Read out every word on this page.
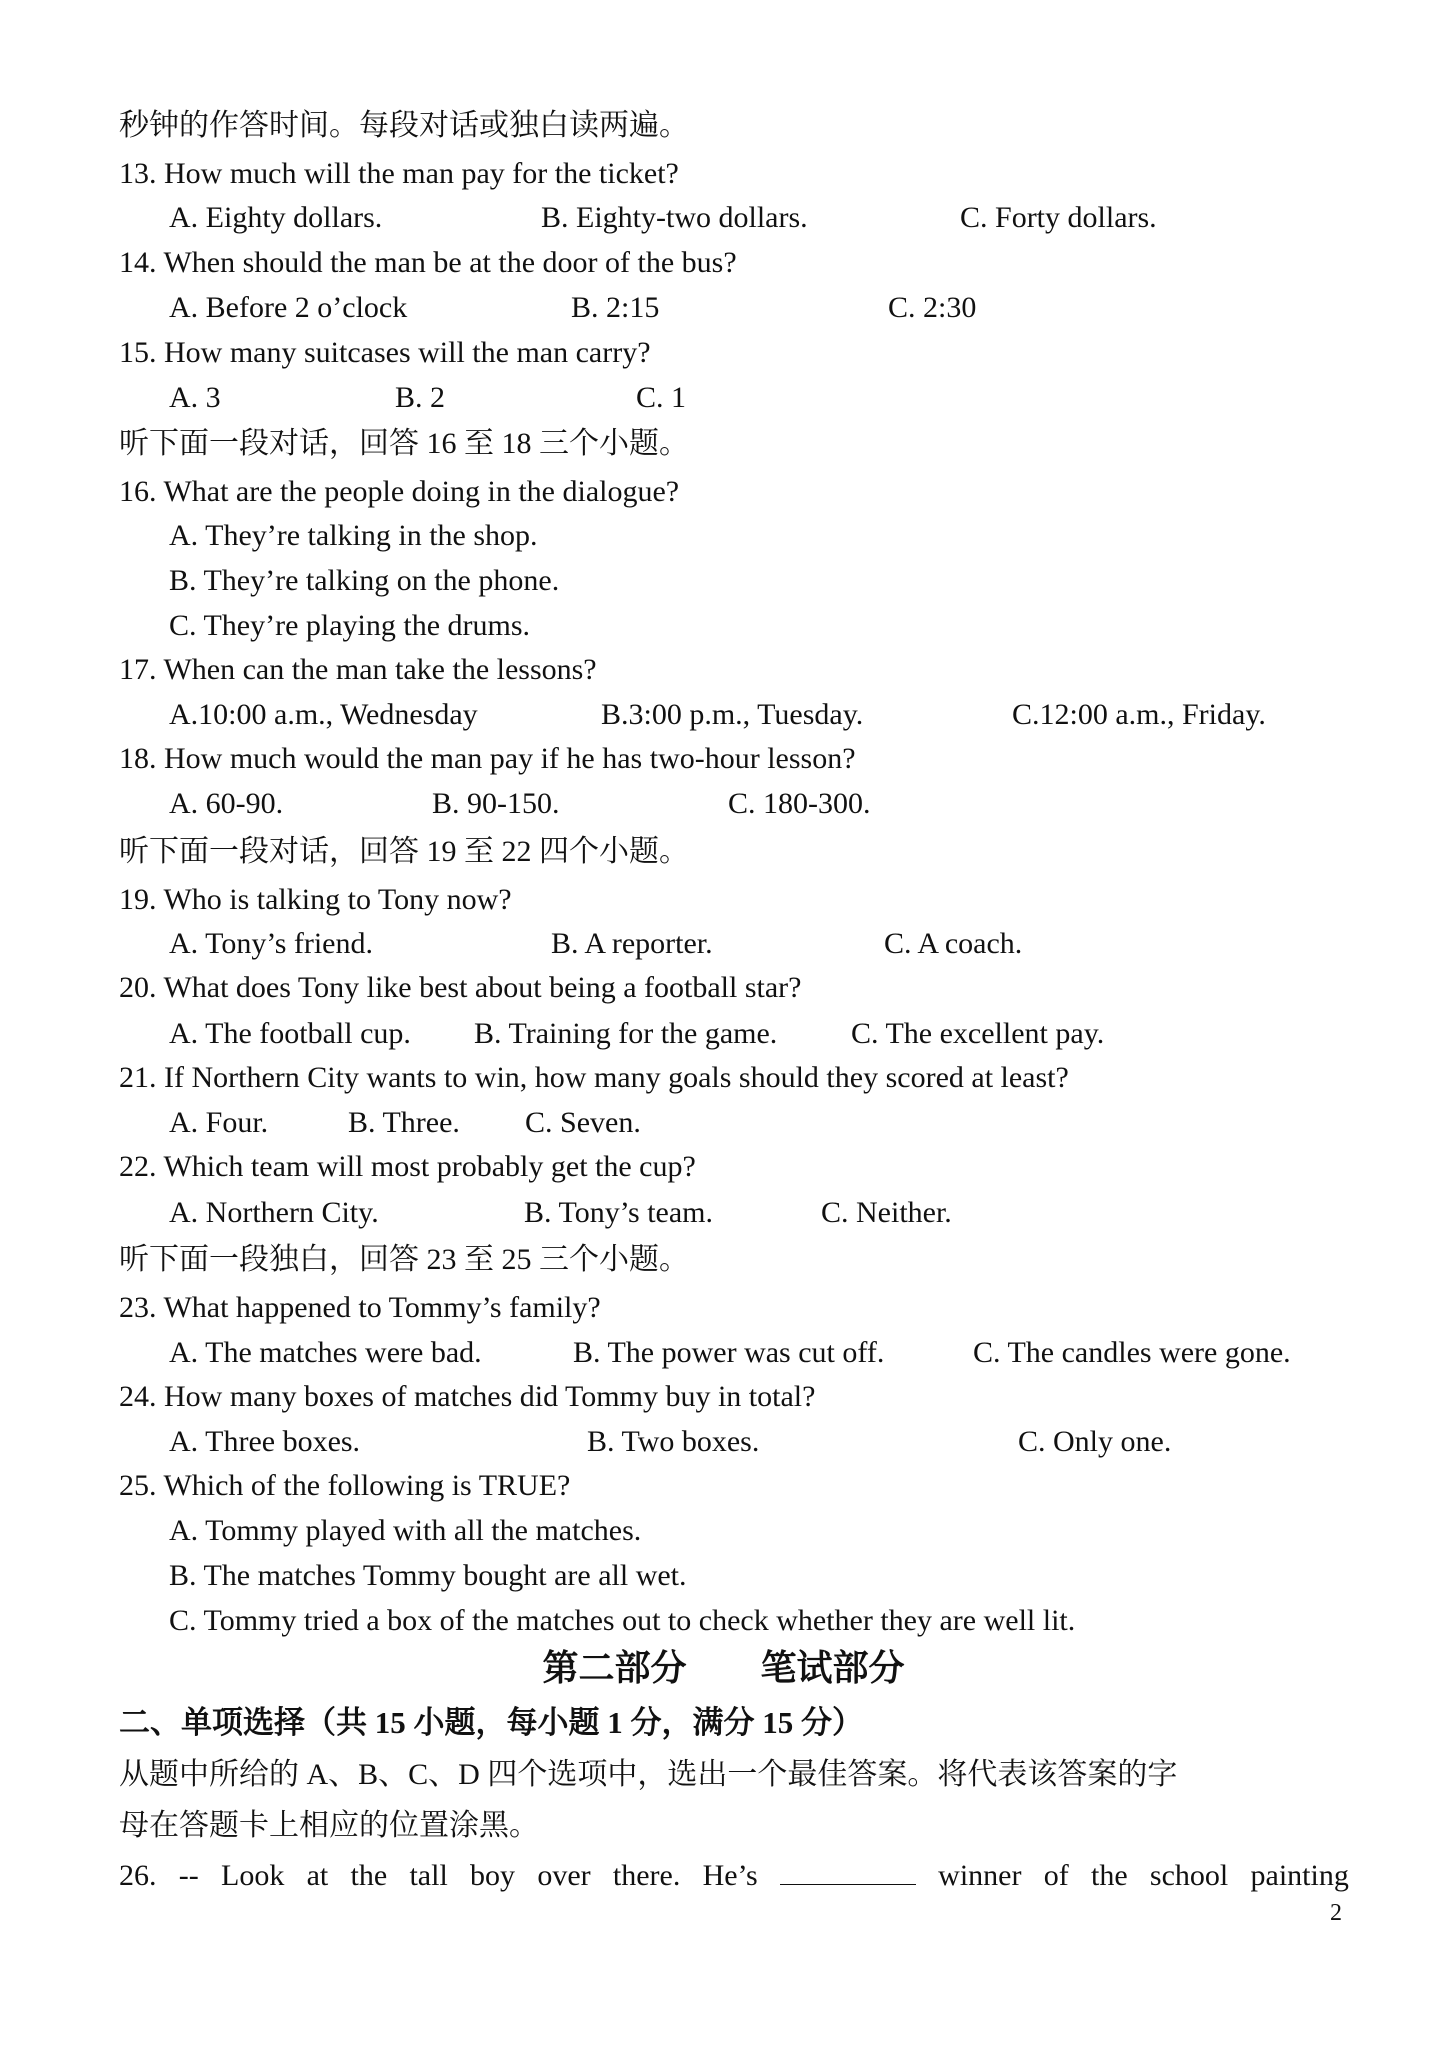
秒钟的作答时间。每段对话或独白读两遍。
13. How much will the man pay for the ticket?
A. Eighty dollars.	B. Eighty-two dollars.	C. Forty dollars.
14. When should the man be at the door of the bus?
A. Before 2 o’clock	B. 2:15	C. 2:30
15. How many suitcases will the man carry?
A. 3	B. 2	C. 1
听下面一段对话，回答 16 至 18 三个小题。
16. What are the people doing in the dialogue?
A. They’re talking in the shop.
B. They’re talking on the phone.
C. They’re playing the drums.
17. When can the man take the lessons?
A.10:00 a.m., Wednesday	B.3:00 p.m., Tuesday.	C.12:00 a.m., Friday.
18. How much would the man pay if he has two-hour lesson?
A. 60-90.	B. 90-150.	C. 180-300.
听下面一段对话，回答 19 至 22 四个小题。
19. Who is talking to Tony now?
A. Tony’s friend.	B. A reporter.	C. A coach.
20. What does Tony like best about being a football star?
A. The football cup. B. Training for the game. C. The excellent pay.
21. If Northern City wants to win, how many goals should they scored at least?
A. Four.	B. Three. C. Seven.
22. Which team will most probably get the cup?
A. Northern City.	B. Tony’s team.	C. Neither.
听下面一段独白，回答 23 至 25 三个小题。
23. What happened to Tommy’s family?
A. The matches were bad.	B. The power was cut off.	C. The candles were gone.
24. How many boxes of matches did Tommy buy in total?
A. Three boxes.	B. Two boxes.	C. Only one.
25. Which of the following is TRUE?
A. Tommy played with all the matches.
B. The matches Tommy bought are all wet.
C. Tommy tried a box of the matches out to check whether they are well lit.
第二部分 笔试部分
二、单项选择（共 15 小题，每小题 1 分，满分 15 分）
从题中所给的 A、B、C、D 四个选项中，选出一个最佳答案。将代表该答案的字
母在答题卡上相应的位置涂黑。
26. -- Look at the tall boy over there. He’s	winner of the school painting
2
